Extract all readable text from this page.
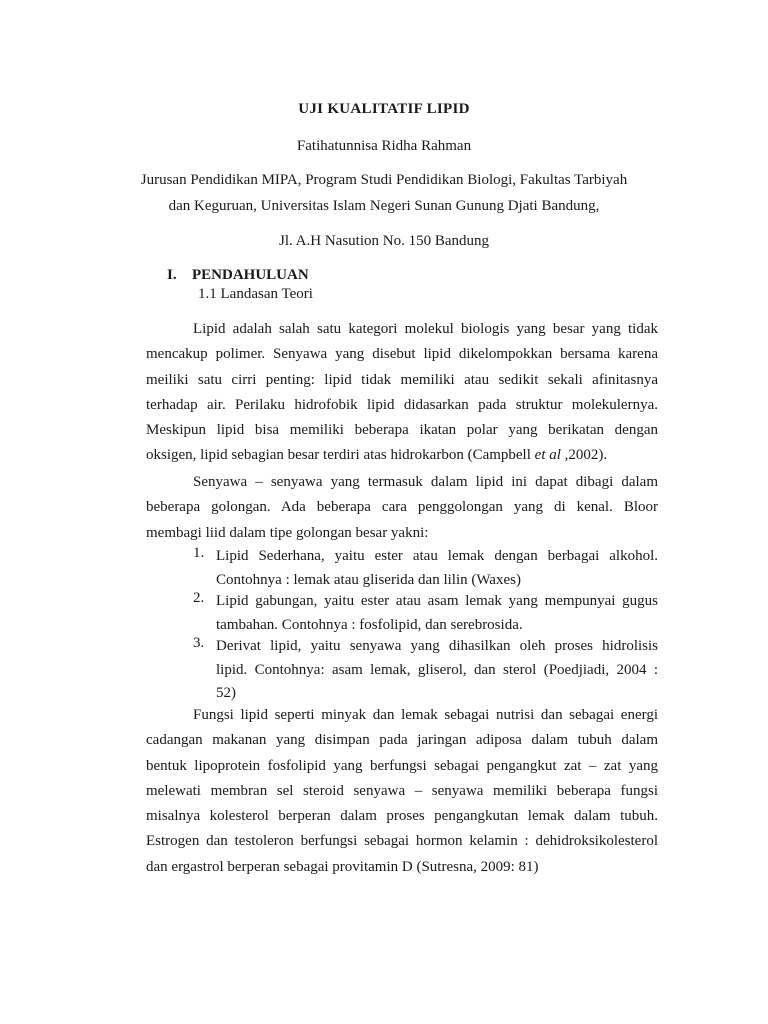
UJI KUALITATIF LIPID

Fatihatunnisa Ridha Rahman

Jurusan Pendidikan MIPA, Program Studi Pendidikan Biologi, Fakultas Tarbiyah

dan Keguruan, Universitas Islam Negeri Sunan Gunung Djati Bandung,

Jl. A.H Nasution No. 150 Bandung

I. PENDAHULUAN

1.1 Landasan Teori

Lipid adalah salah satu kategori molekul biologis yang besar yang tidak
mencakup polimer. Senyawa yang disebut lipid dikelompokkan bersama karena
meiliki satu cirri penting: lipid tidak memiliki atau sedikit sekali afinitasnya
terhadap air. Perilaku hidrofobik lipid didasarkan pada struktur molekulernya.
Meskipun lipid bisa memiliki beberapa ikatan polar yang berikatan dengan
oksigen, lipid sebagian besar terdiri atas hidrokarbon (Campbell et al ,2002).
Senyawa – senyawa yang termasuk dalam lipid ini dapat dibagi dalam
beberapa golongan. Ada beberapa cara penggolongan yang di kenal. Bloor
membagi liid dalam tipe golongan besar yakni:
1. Lipid Sederhana, yaitu ester atau lemak dengan berbagai alkohol.
Contohnya : lemak atau gliserida dan lilin (Waxes)
2. Lipid gabungan, yaitu ester atau asam lemak yang mempunyai gugus
tambahan. Contohnya : fosfolipid, dan serebrosida.
3. Derivat lipid, yaitu senyawa yang dihasilkan oleh proses hidrolisis
lipid. Contohnya: asam lemak, gliserol, dan sterol (Poedjiadi, 2004 :
52)
Fungsi lipid seperti minyak dan lemak sebagai nutrisi dan sebagai energi
cadangan makanan yang disimpan pada jaringan adiposa dalam tubuh dalam
bentuk lipoprotein fosfolipid yang berfungsi sebagai pengangkut zat – zat yang
melewati membran sel steroid senyawa – senyawa memiliki beberapa fungsi
misalnya kolesterol berperan dalam proses pengangkutan lemak dalam tubuh.
Estrogen dan testoleron berfungsi sebagai hormon kelamin : dehidroksikolesterol
dan ergastrol berperan sebagai provitamin D (Sutresna, 2009: 81)
